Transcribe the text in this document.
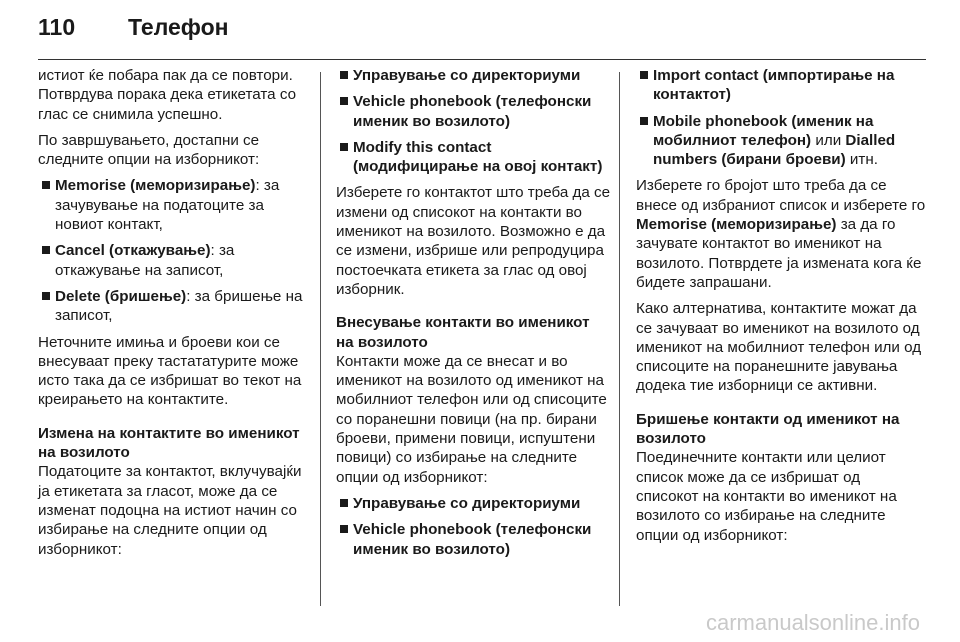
110	Телефон

истиот ќе побара пак да се повтори. Потврдува порака дека етикетата со глас се снимила успешно.

По завршувањето, достапни се следните опции на изборникот:

Memorise (меморизирање): за зачувување на податоците за новиот контакт,
Cancel (откажување): за откажување на записот,
Delete (бришење): за бришење на записот,

Неточните имиња и броеви кои се внесуваат преку тастататурите може исто така да се избришат во текот на креирањето на контактите.

Измена на контактите во именикот на возилото

Податоците за контактот, вклучувајќи ја етикетата за гласот, може да се изменат подоцна на истиот начин со избирање на следните опции од изборникот:

Управување со директориуми
Vehicle phonebook (телефонски именик во возилото)
Modify this contact (модифицирање на овој контакт)

Изберете го контактот што треба да се измени од списокот на контакти во именикот на возилото. Возможно е да се измени, избрише или репродуцира постоечката етикета за глас од овој изборник.

Внесување контакти во именикот на возилото

Контакти може да се внесат и во именикот на возилото од именикот на мобилниот телефон или од списоците со поранешни повици (на пр. бирани броеви, примени повици, испуштени повици) со избирање на следните опции од изборникот:

Управување со директориуми
Vehicle phonebook (телефонски именик во возилото)
Import contact (импортирање на контактот)
Mobile phonebook (именик на мобилниот телефон) или Dialled numbers (бирани броеви) итн.

Изберете го бројот што треба да се внесе од избраниот список и изберете го Memorise (меморизирање) за да го зачувате контактот во именикот на возилото. Потврдете ја измената кога ќе бидете запрашани.

Како алтернатива, контактите можат да се зачуваат во именикот на возилото од именикот на мобилниот телефон или од списоците на поранешните јавувања додека тие изборници се активни.

Бришење контакти од именикот на возилото

Поединечните контакти или целиот список може да се избришат од списокот на контакти во именикот на возилото со избирање на следните опции од изборникот:

carmanualsonline.info
